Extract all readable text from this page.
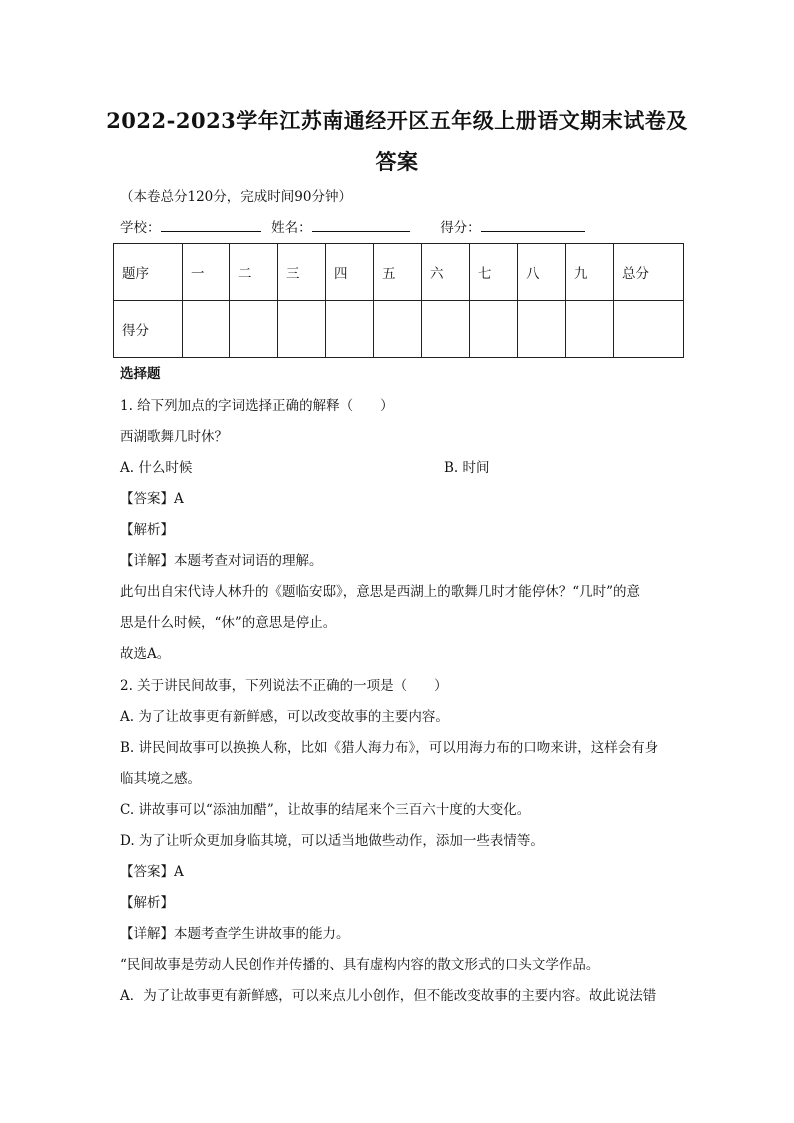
2022-2023学年江苏南通经开区五年级上册语文期末试卷及答案
（本卷总分120分，完成时间90分钟）
学校：	姓名：	得分：
题序	一	二	三	四	五	六	七	八	九	总分
得分										
选择题
1. 给下列加点的字词选择正确的解释（　　）
西湖歌舞几时休？
A. 什么时候	B. 时间
【答案】A
【解析】
【详解】本题考查对词语的理解。
此句出自宋代诗人林升的《题临安邸》，意思是西湖上的歌舞几时才能停休？“几时”的意
思是什么时候，“休”的意思是停止。
故选A。
2. 关于讲民间故事，下列说法不正确的一项是（　　）
A. 为了让故事更有新鲜感，可以改变故事的主要内容。
B. 讲民间故事可以换换人称，比如《猎人海力布》，可以用海力布的口吻来讲，这样会有身
临其境之感。
C. 讲故事可以“添油加醋”，让故事的结尾来个三百六十度的大变化。
D. 为了让听众更加身临其境，可以适当地做些动作，添加一些表情等。
【答案】A
【解析】
【详解】本题考查学生讲故事的能力。
“民间故事是劳动人民创作并传播的、具有虚构内容的散文形式的口头文学作品。
A．为了让故事更有新鲜感，可以来点儿小创作，但不能改变故事的主要内容。故此说法错
